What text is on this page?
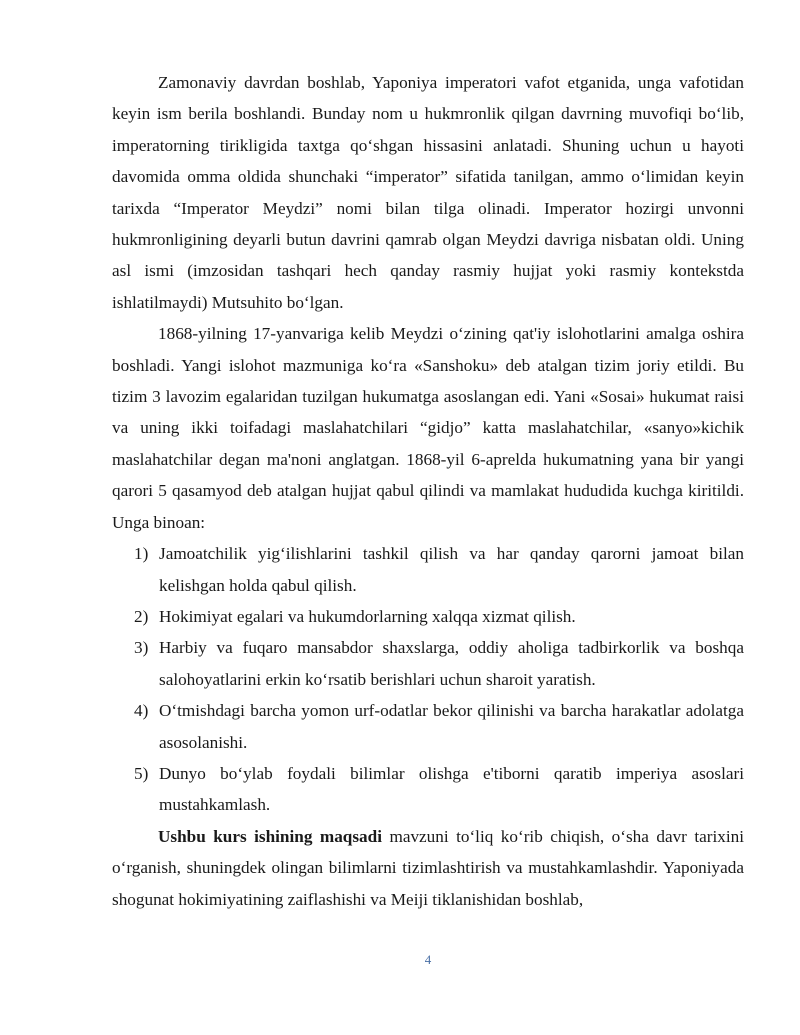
Zamonaviy davrdan boshlab, Yaponiya imperatori vafot etganida, unga vafotidan keyin ism berila boshlandi. Bunday nom u hukmronlik qilgan davrning muvofiqi bo‘lib, imperatorning tirikligida taxtga qo‘shgan hissasini anlatadi. Shuning uchun u hayoti davomida omma oldida shunchaki “imperator” sifatida tanilgan, ammo o‘limidan keyin tarixda “Imperator Meydzi” nomi bilan tilga olinadi. Imperator hozirgi unvonni hukmronligining deyarli butun davrini qamrab olgan Meydzi davriga nisbatan oldi. Uning asl ismi (imzosidan tashqari hech qanday rasmiy hujjat yoki rasmiy kontekstda ishlatilmaydi) Mutsuhito bo‘lgan.

1868-yilning 17-yanvariga kelib Meydzi o‘zining qat'iy islohotlarini amalga oshira boshladi. Yangi islohot mazmuniga ko‘ra «Sanshoku» deb atalgan tizim joriy etildi. Bu tizim 3 lavozim egalaridan tuzilgan hukumatga asoslangan edi. Yani «Sosai» hukumat raisi va uning ikki toifadagi maslahatchilari “gidjo” katta maslahatchilar, «sanyo»kichik maslahatchilar degan ma'noni anglatgan. 1868-yil 6-aprelda hukumatning yana bir yangi qarori 5 qasamyod deb atalgan hujjat qabul qilindi va mamlakat hududida kuchga kiritildi. Unga binoan:

1) Jamoatchilik yig‘ilishlarini tashkil qilish va har qanday qarorni jamoat bilan kelishgan holda qabul qilish.
2) Hokimiyat egalari va hukumdorlarning xalqqa xizmat qilish.
3) Harbiy va fuqaro mansabdor shaxslarga, oddiy aholiga tadbirkorlik va boshqa salohoyatlarini erkin ko‘rsatib berishlari uchun sharoit yaratish.
4) O‘tmishdagi barcha yomon urf-odatlar bekor qilinishi va barcha harakatlar adolatga asosolanishi.
5) Dunyo bo‘ylab foydali bilimlar olishga e'tiborni qaratib imperiya asoslari mustahkamlash.

Ushbu kurs ishining maqsadi mavzuni to‘liq ko‘rib chiqish, o‘sha davr tarixini o‘rganish, shuningdek olingan bilimlarni tizimlashtirish va mustahkamlashdir. Yaponiyada shogunat hokimiyatining zaiflashishi va Meiji tiklanishidan boshlab,

4
